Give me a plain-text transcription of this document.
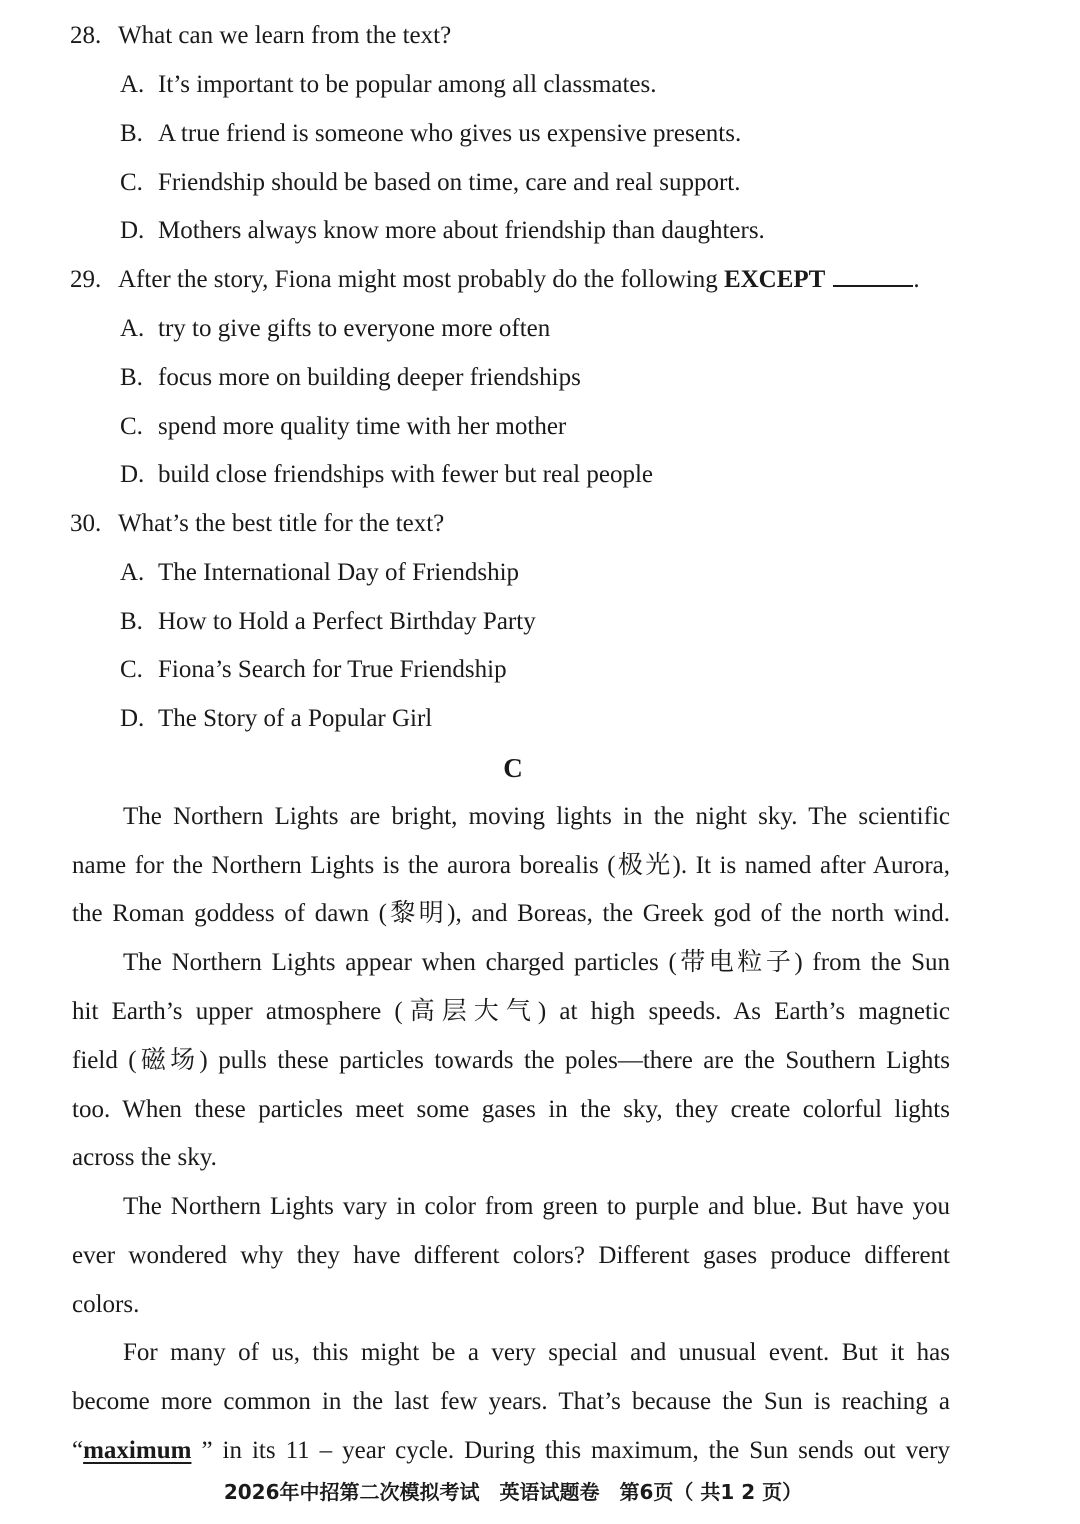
28. What can we learn from the text?
A. It’s important to be popular among all classmates.
B. A true friend is someone who gives us expensive presents.
C. Friendship should be based on time, care and real support.
D. Mothers always know more about friendship than daughters.
29. After the story, Fiona might most probably do the following EXCEPT	.
A. try to give gifts to everyone more often
B. focus more on building deeper friendships
C. spend more quality time with her mother
D. build close friendships with fewer but real people
30. What’s the best title for the text?
A. The International Day of Friendship
B. How to Hold a Perfect Birthday Party
C. Fiona’s Search for True Friendship
D. The Story of a Popular Girl
C
The Northern Lights are bright, moving lights in the night sky. The scientific
name for the Northern Lights is the aurora borealis (极光). It is named after Aurora,
the Roman goddess of dawn (黎明), and Boreas, the Greek god of the north wind.
The Northern Lights appear when charged particles (带电粒子) from the Sun
hit Earth’s upper atmosphere (高层大气) at high speeds. As Earth’s magnetic
field (磁场) pulls these particles towards the poles—there are the Southern Lights
too. When these particles meet some gases in the sky, they create colorful lights
across the sky.
The Northern Lights vary in color from green to purple and blue. But have you
ever wondered why they have different colors? Different gases produce different
colors.
For many of us, this might be a very special and unusual event. But it has
become more common in the last few years. That’s because the Sun is reaching a
“maximum ” in its 11 – year cycle. During this maximum, the Sun sends out very
2026年中招第二次模拟考试　英语试题卷　第6页（ 共1 2 页）
